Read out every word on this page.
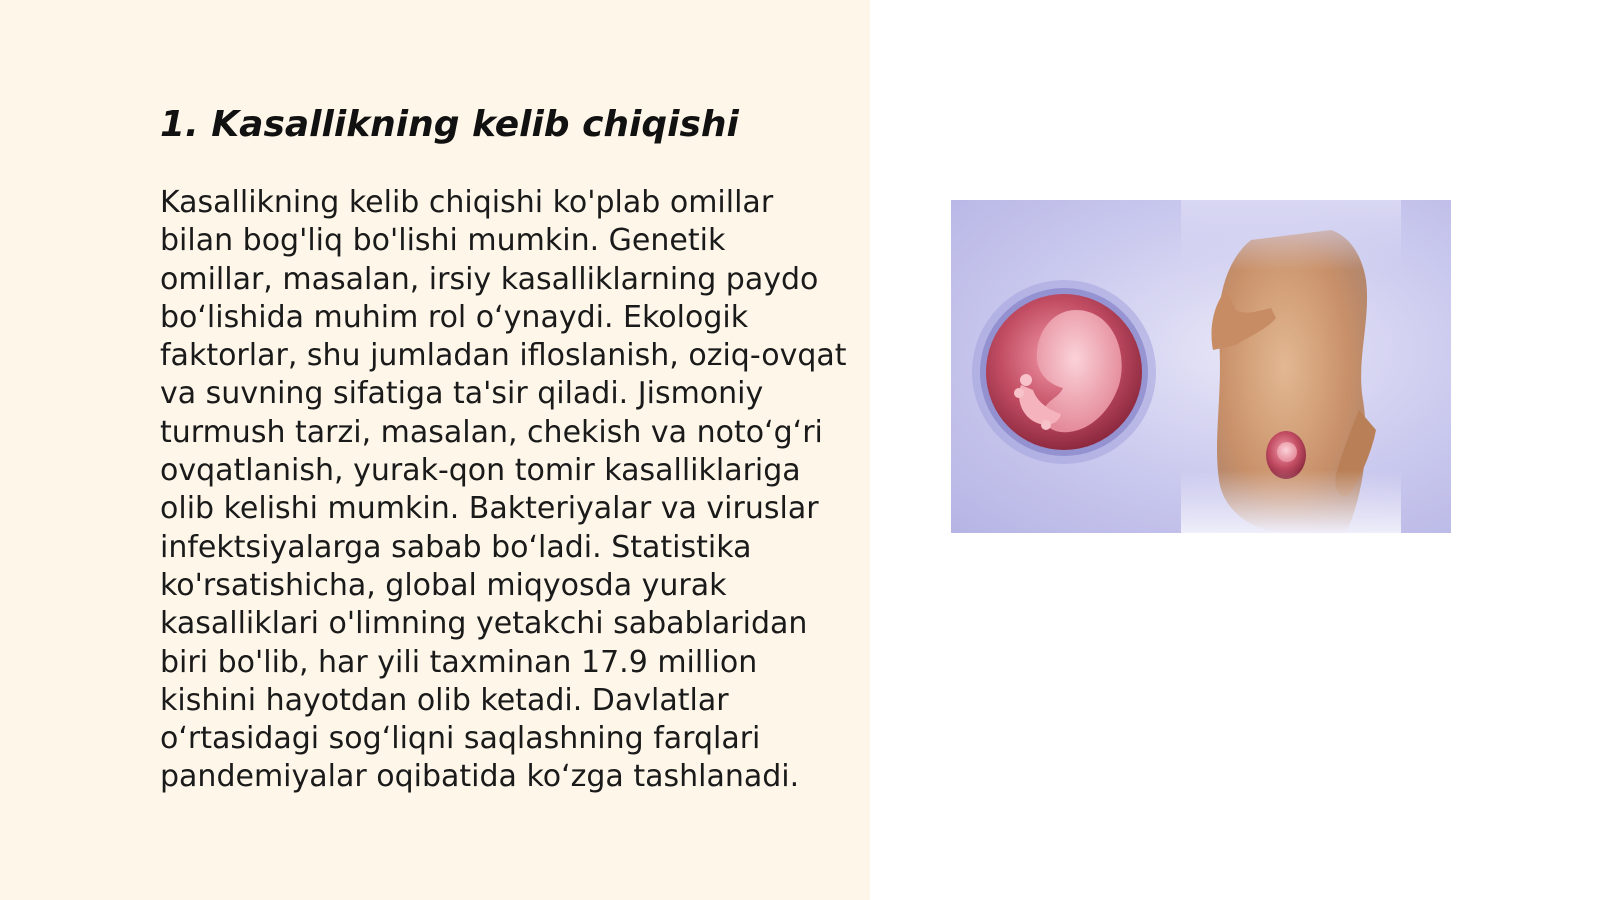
1. Kasallikning kelib chiqishi
Kasallikning kelib chiqishi ko'plab omillar
bilan bog'liq bo'lishi mumkin. Genetik
omillar, masalan, irsiy kasalliklarning paydo
boʻlishida muhim rol oʻynaydi. Ekologik
faktorlar, shu jumladan ifloslanish, oziq-ovqat
va suvning sifatiga ta'sir qiladi. Jismoniy
turmush tarzi, masalan, chekish va notoʻgʻri
ovqatlanish, yurak-qon tomir kasalliklariga
olib kelishi mumkin. Bakteriyalar va viruslar
infektsiyalarga sabab boʻladi. Statistika
ko'rsatishicha, global miqyosda yurak
kasalliklari o'limning yetakchi sabablaridan
biri bo'lib, har yili taxminan 17.9 million
kishini hayotdan olib ketadi. Davlatlar
oʻrtasidagi sogʻliqni saqlashning farqlari
pandemiyalar oqibatida koʻzga tashlanadi.
